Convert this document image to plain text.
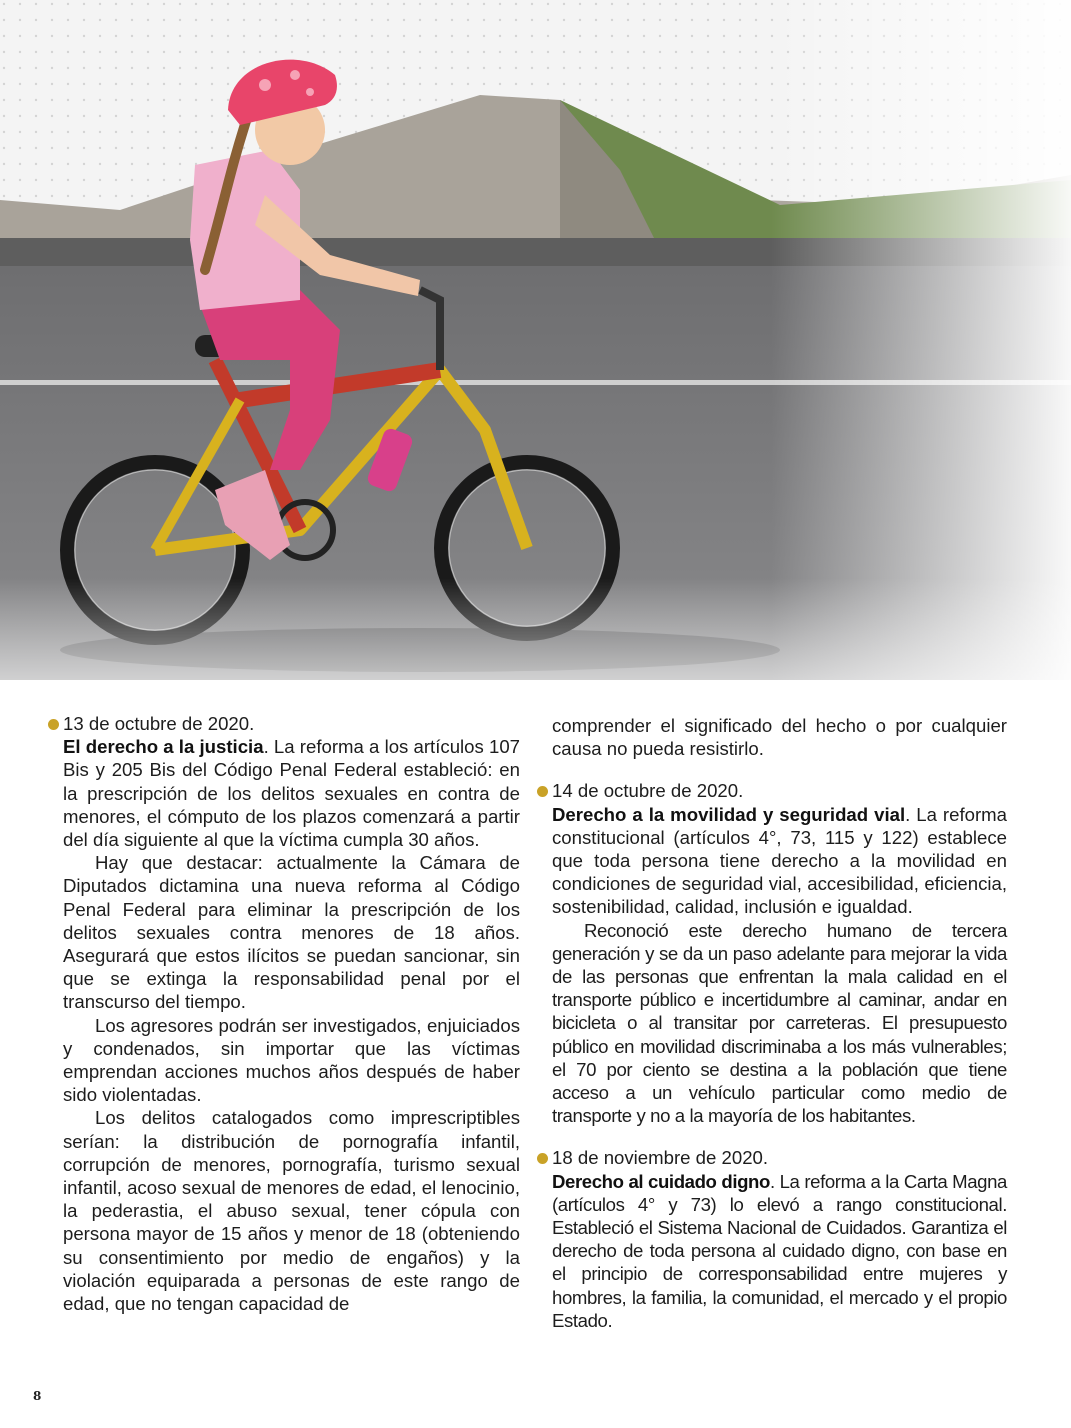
13 de octubre de 2020.

El derecho a la justicia. La reforma a los artículos 107 Bis y 205 Bis del Código Penal Federal estableció: en la prescripción de los delitos sexuales en contra de menores, el cómputo de los plazos comenzará a partir del día siguiente al que la víctima cumpla 30 años.

Hay que destacar: actualmente la Cámara de Diputados dictamina una nueva reforma al Código Penal Federal para eliminar la prescripción de los delitos sexuales contra menores de 18 años. Asegurará que estos ilícitos se puedan sancionar, sin que se extinga la responsabilidad penal por el transcurso del tiempo.

Los agresores podrán ser investigados, enjuiciados y condenados, sin importar que las víctimas emprendan acciones muchos años después de haber sido violentadas.

Los delitos catalogados como imprescriptibles serían: la distribución de pornografía infantil, corrupción de menores, pornografía, turismo sexual infantil, acoso sexual de menores de edad, el lenocinio, la pederastia, el abuso sexual, tener cópula con persona mayor de 15 años y menor de 18 (obteniendo su consentimiento por medio de engaños) y la violación equiparada a personas de este rango de edad, que no tengan capacidad de

comprender el significado del hecho o por cualquier causa no pueda resistirlo.

14 de octubre de 2020.

Derecho a la movilidad y seguridad vial. La reforma constitucional (artículos 4°, 73, 115 y 122) establece que toda persona tiene derecho a la movilidad en condiciones de seguridad vial, accesibilidad, eficiencia, sostenibilidad, calidad, inclusión e igualdad.

Reconoció este derecho humano de tercera generación y se da un paso adelante para mejorar la vida de las personas que enfrentan la mala calidad en el transporte público e incertidumbre al caminar, andar en bicicleta o al transitar por carreteras. El presupuesto público en movilidad discriminaba a los más vulnerables; el 70 por ciento se destina a la población que tiene acceso a un vehículo particular como medio de transporte y no a la mayoría de los habitantes.

18 de noviembre de 2020.

Derecho al cuidado digno. La reforma a la Carta Magna (artículos 4° y 73) lo elevó a rango constitucional. Estableció el Sistema Nacional de Cuidados. Garantiza el derecho de toda persona al cuidado digno, con base en el principio de corresponsabilidad entre mujeres y hombres, la familia, la comunidad, el mercado y el propio Estado.

8
